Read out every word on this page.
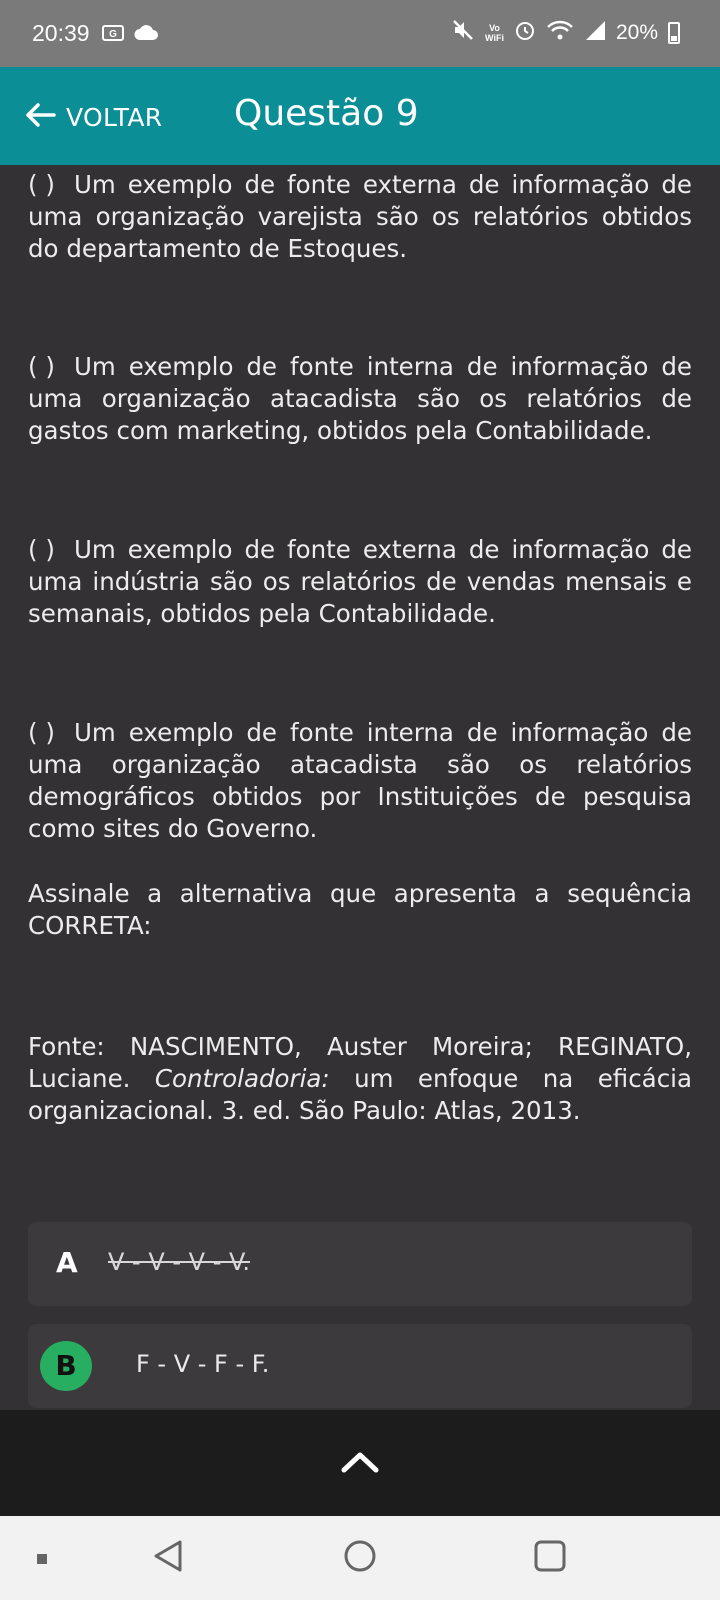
20:39	G
Vo
WiFi	20%
VOLTAR Questão 9

( ) Um exemplo de fonte externa de informação de uma organização varejista são os relatórios obtidos do departamento de Estoques.

( ) Um exemplo de fonte interna de informação de uma organização atacadista são os relatórios de gastos com marketing, obtidos pela Contabilidade.

( ) Um exemplo de fonte externa de informação de uma indústria são os relatórios de vendas mensais e semanais, obtidos pela Contabilidade.

( ) Um exemplo de fonte interna de informação de uma organização atacadista são os relatórios demográficos obtidos por Instituições de pesquisa como sites do Governo.

Assinale a alternativa que apresenta a sequência CORRETA:

Fonte: NASCIMENTO, Auster Moreira; REGINATO, Luciane. Controladoria: um enfoque na eficácia organizacional. 3. ed. São Paulo: Atlas, 2013.

A V - V - V - V.
B	F - V - F - F.
